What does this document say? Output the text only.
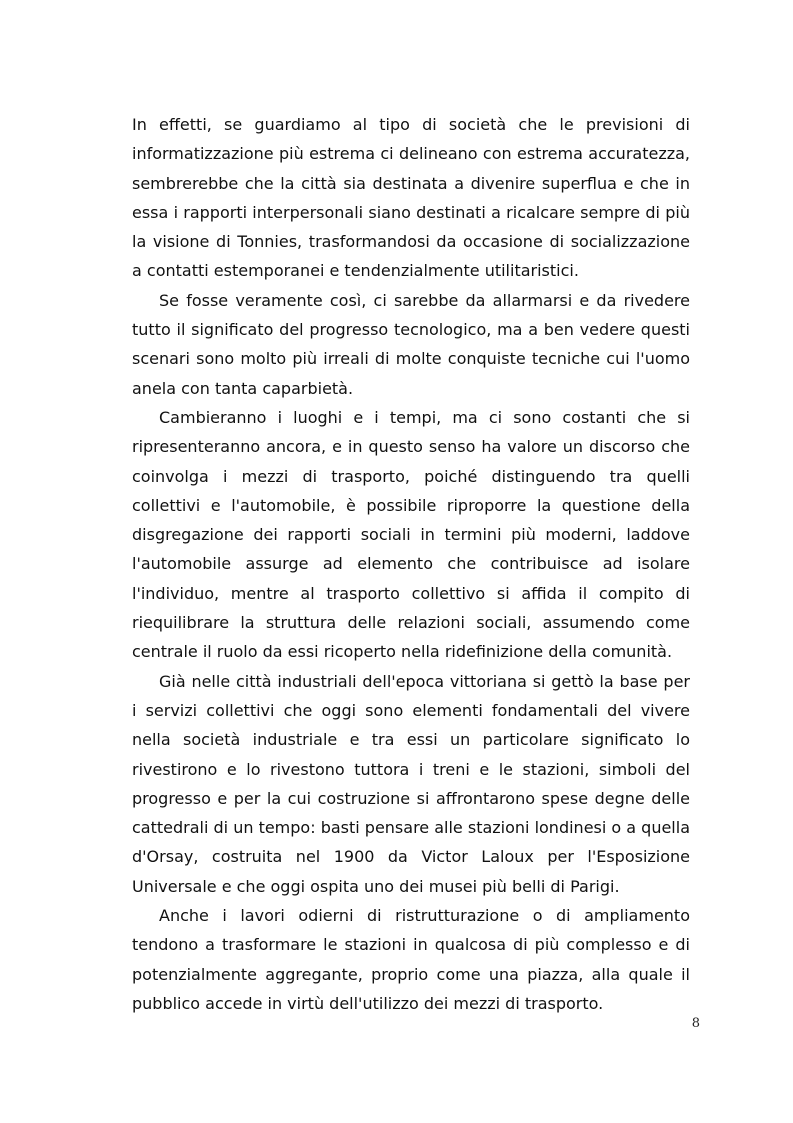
In effetti, se guardiamo al tipo di società che le previsioni di informatizzazione più estrema ci delineano con estrema accuratezza, sembrerebbe che la città sia destinata a divenire superflua e che in essa i rapporti interpersonali siano destinati a ricalcare sempre di più la visione di Tonnies, trasformandosi da occasione di socializzazione a contatti estemporanei e tendenzialmente utilitaristici.

Se fosse veramente così, ci sarebbe da allarmarsi e da rivedere tutto il significato del progresso tecnologico, ma a ben vedere questi scenari sono molto più irreali di molte conquiste tecniche cui l'uomo anela con tanta caparbietà.

Cambieranno i luoghi e i tempi, ma ci sono costanti che si ripresenteranno ancora, e in questo senso ha valore un discorso che coinvolga i mezzi di trasporto, poiché distinguendo tra quelli collettivi e l'automobile, è possibile riproporre la questione della disgregazione dei rapporti sociali in termini più moderni, laddove l'automobile assurge ad elemento che contribuisce ad isolare l'individuo, mentre al trasporto collettivo si affida il compito di riequilibrare la struttura delle relazioni sociali, assumendo come centrale il ruolo da essi ricoperto nella ridefinizione della comunità.

Già nelle città industriali dell'epoca vittoriana si gettò la base per i servizi collettivi che oggi sono elementi fondamentali del vivere nella società industriale e tra essi un particolare significato lo rivestirono e lo rivestono tuttora i treni e le stazioni, simboli del progresso e per la cui costruzione si affrontarono spese degne delle cattedrali di un tempo: basti pensare alle stazioni londinesi o a quella d'Orsay, costruita nel 1900 da Victor Laloux per l'Esposizione Universale e che oggi ospita uno dei musei più belli di Parigi.

Anche i lavori odierni di ristrutturazione o di ampliamento tendono a trasformare le stazioni in qualcosa di più complesso e di potenzialmente aggregante, proprio come una piazza, alla quale il pubblico accede in virtù dell'utilizzo dei mezzi di trasporto.

8
